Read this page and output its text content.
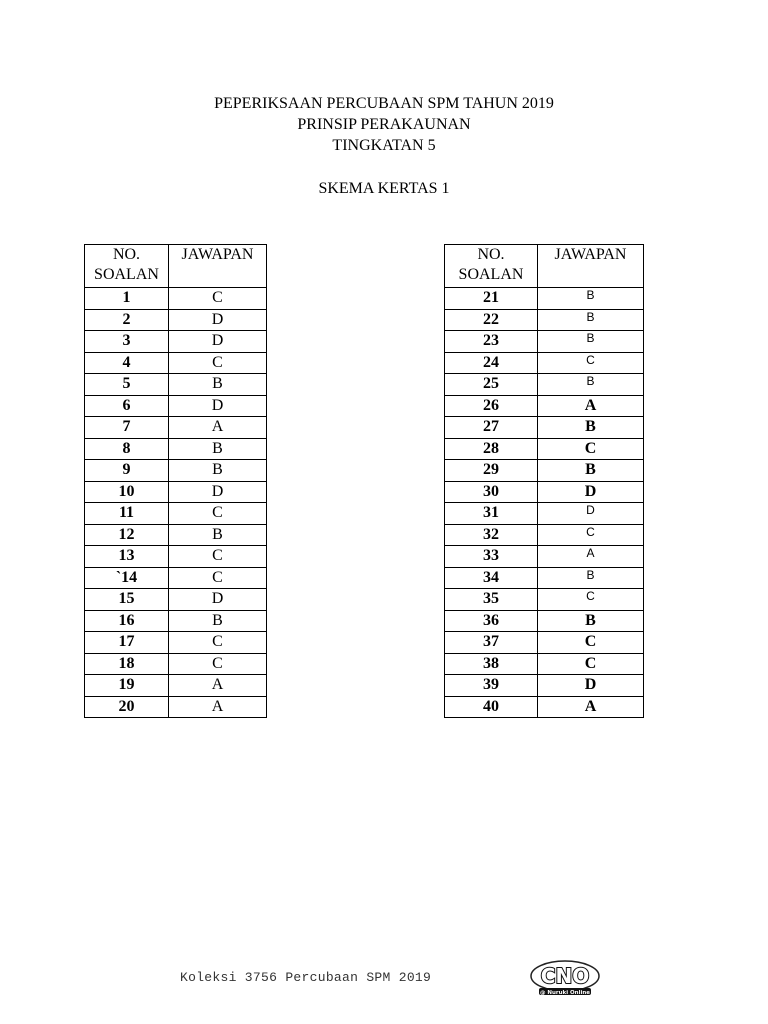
PEPERIKSAAN PERCUBAAN SPM TAHUN 2019
PRINSIP PERAKAUNAN
TINGKATAN 5
SKEMA KERTAS 1
NO.
SOALAN	JAWAPAN
1	C
2	D
3	D
4	C
5	B
6	D
7	A
8	B
9	B
10	D
11	C
12	B
13	C
`14	C
15	D
16	B
17	C
18	C
19	A
20	A
NO.
SOALAN	JAWAPAN
21	B
22	B
23	B
24	C
25	B
26	A
27	B
28	C
29	B
30	D
31	D
32	C
33	A
34	B
35	C
36	B
37	C
38	C
39	D
40	A
Koleksi 3756 Percubaan SPM 2019	CNO
@ Nuruki Online
